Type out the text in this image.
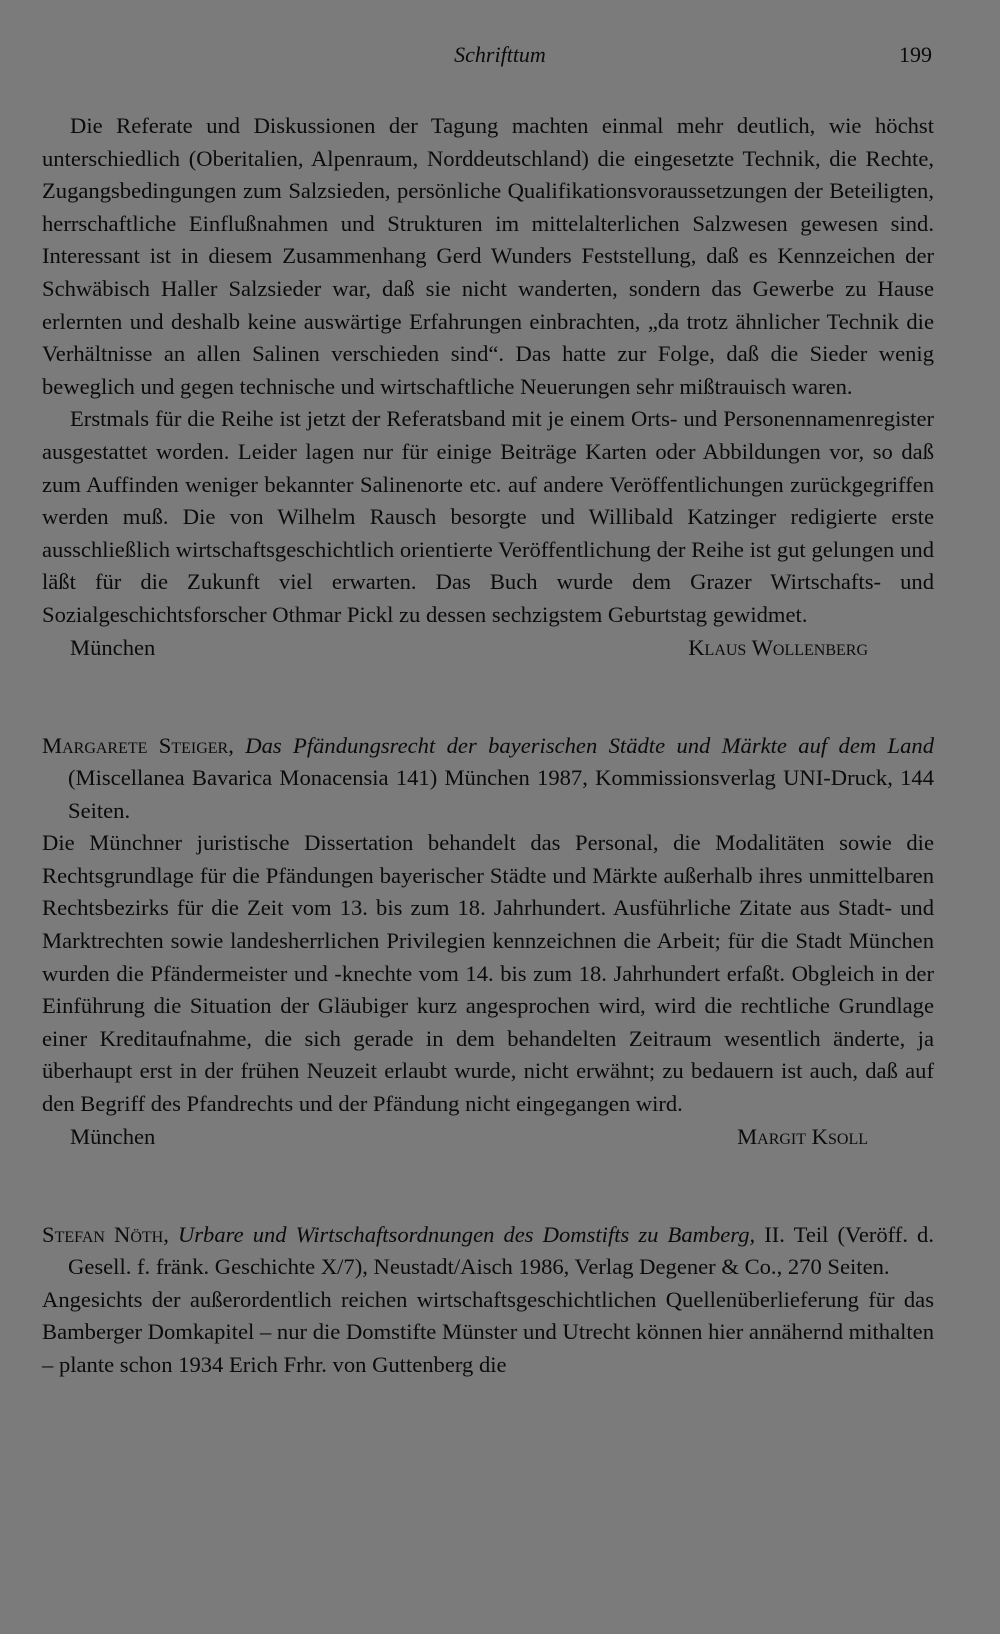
Schrifttum	199

Die Referate und Diskussionen der Tagung machten einmal mehr deutlich, wie höchst unterschiedlich (Oberitalien, Alpenraum, Norddeutschland) die eingesetzte Technik, die Rechte, Zugangsbedingungen zum Salzsieden, persönliche Qualifikationsvoraussetzungen der Beteiligten, herrschaftliche Einflußnahmen und Strukturen im mittelalterlichen Salzwesen gewesen sind. Interessant ist in diesem Zusammenhang Gerd Wunders Feststellung, daß es Kennzeichen der Schwäbisch Haller Salzsieder war, daß sie nicht wanderten, sondern das Gewerbe zu Hause erlernten und deshalb keine auswärtige Erfahrungen einbrachten, „da trotz ähnlicher Technik die Verhältnisse an allen Salinen verschieden sind“. Das hatte zur Folge, daß die Sieder wenig beweglich und gegen technische und wirtschaftliche Neuerungen sehr mißtrauisch waren.

Erstmals für die Reihe ist jetzt der Referatsband mit je einem Orts- und Personennamenregister ausgestattet worden. Leider lagen nur für einige Beiträge Karten oder Abbildungen vor, so daß zum Auffinden weniger bekannter Salinenorte etc. auf andere Veröffentlichungen zurückgegriffen werden muß. Die von Wilhelm Rausch besorgte und Willibald Katzinger redigierte erste ausschließlich wirtschaftsgeschichtlich orientierte Veröffentlichung der Reihe ist gut gelungen und läßt für die Zukunft viel erwarten. Das Buch wurde dem Grazer Wirtschafts- und Sozialgeschichtsforscher Othmar Pickl zu dessen sechzigstem Geburtstag gewidmet.

München	Klaus Wollenberg

Margarete Steiger, Das Pfändungsrecht der bayerischen Städte und Märkte auf dem Land (Miscellanea Bavarica Monacensia 141) München 1987, Kommissionsverlag UNI-Druck, 144 Seiten.

Die Münchner juristische Dissertation behandelt das Personal, die Modalitäten sowie die Rechtsgrundlage für die Pfändungen bayerischer Städte und Märkte außerhalb ihres unmittelbaren Rechtsbezirks für die Zeit vom 13. bis zum 18. Jahrhundert. Ausführliche Zitate aus Stadt- und Marktrechten sowie landesherrlichen Privilegien kennzeichnen die Arbeit; für die Stadt München wurden die Pfändermeister und -knechte vom 14. bis zum 18. Jahrhundert erfaßt. Obgleich in der Einführung die Situation der Gläubiger kurz angesprochen wird, wird die rechtliche Grundlage einer Kreditaufnahme, die sich gerade in dem behandelten Zeitraum wesentlich änderte, ja überhaupt erst in der frühen Neuzeit erlaubt wurde, nicht erwähnt; zu bedauern ist auch, daß auf den Begriff des Pfandrechts und der Pfändung nicht eingegangen wird.

München	Margit Ksoll

Stefan Nöth, Urbare und Wirtschaftsordnungen des Domstifts zu Bamberg, II. Teil (Veröff. d. Gesell. f. fränk. Geschichte X/7), Neustadt/Aisch 1986, Verlag Degener & Co., 270 Seiten.

Angesichts der außerordentlich reichen wirtschaftsgeschichtlichen Quellenüberlieferung für das Bamberger Domkapitel – nur die Domstifte Münster und Utrecht können hier annähernd mithalten – plante schon 1934 Erich Frhr. von Guttenberg die
